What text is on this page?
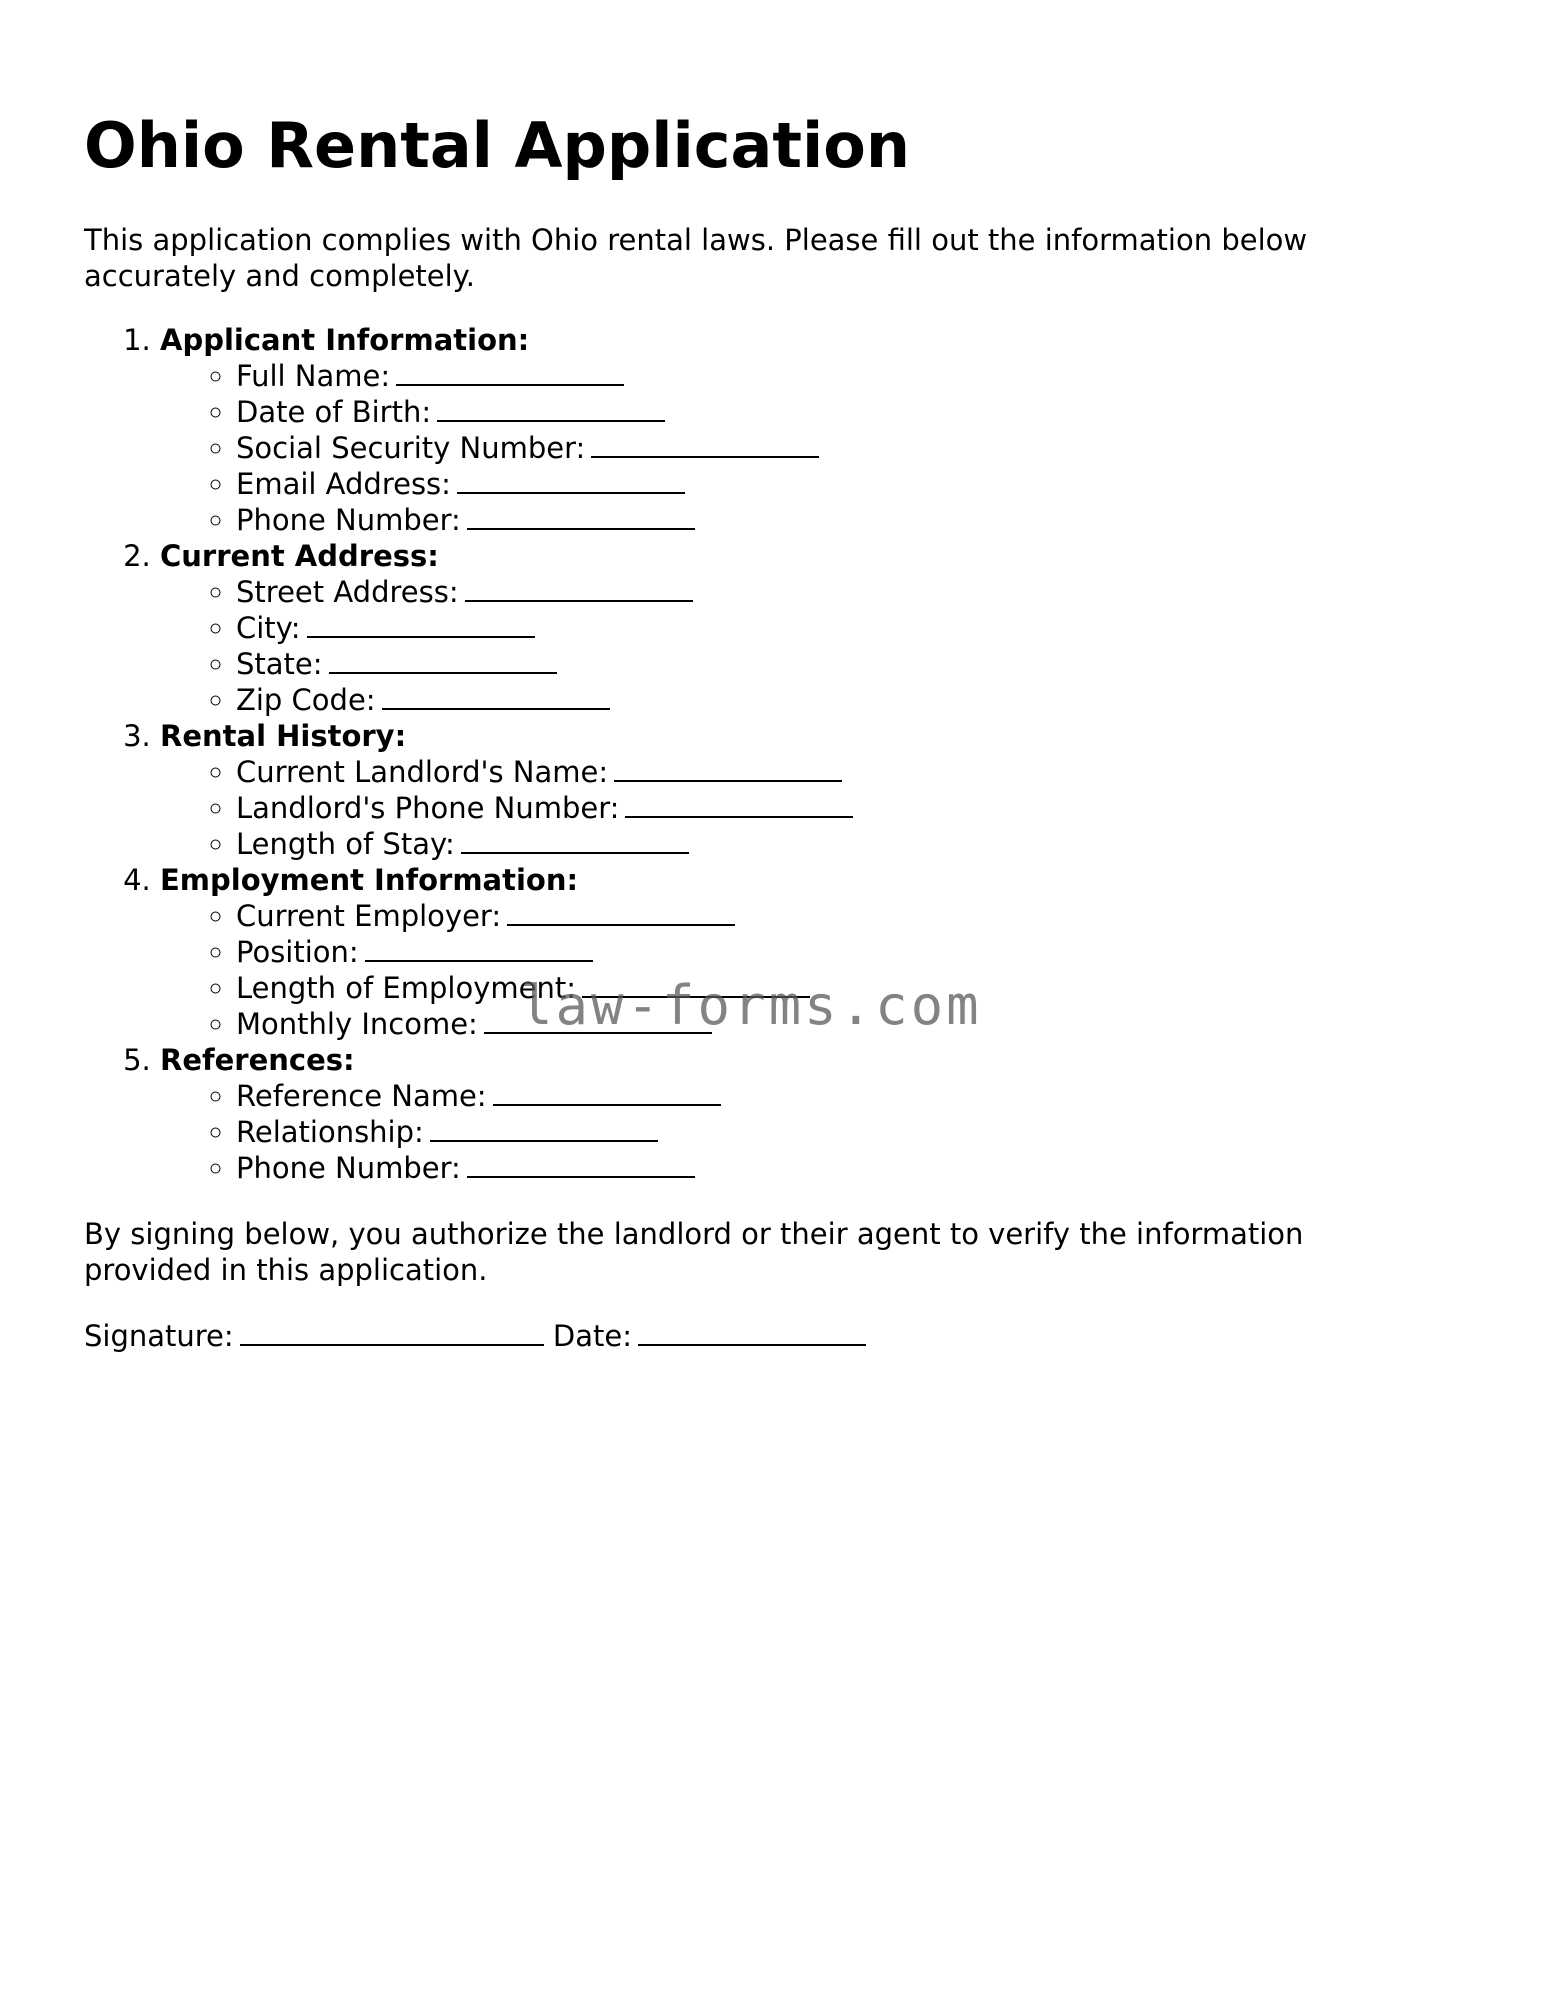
Ohio Rental Application

This application complies with Ohio rental laws. Please fill out the information below accurately and completely.

1. Applicant Information:
◦ Full Name:
◦ Date of Birth:
◦ Social Security Number:
◦ Email Address:
◦ Phone Number:
2. Current Address:
◦ Street Address:
◦ City:
◦ State:
◦ Zip Code:
3. Rental History:
◦ Current Landlord's Name:
◦ Landlord's Phone Number:
◦ Length of Stay:
4. Employment Information:
◦ Current Employer:
◦ Position:
◦ Length of Employment:
◦ Monthly Income:
5. References:
◦ Reference Name:
◦ Relationship:
◦ Phone Number:

By signing below, you authorize the landlord or their agent to verify the information provided in this application.

Signature:	Date:

law-forms.com
